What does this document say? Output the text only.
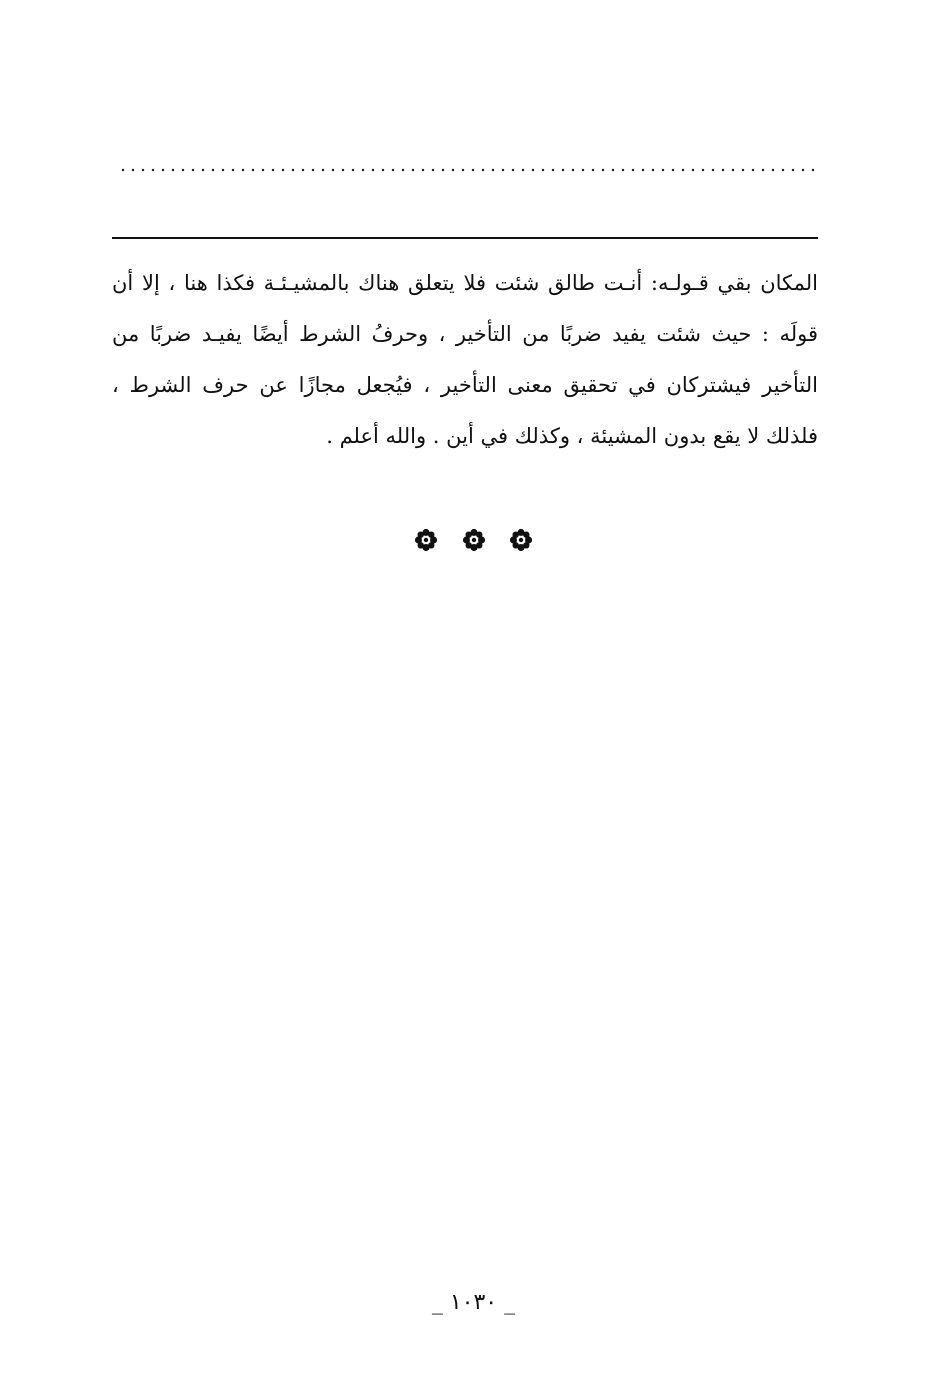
المكان بقي قـولـه: أنـت طالق شئت فلا يتعلق هناك بالمشيـئـة فكذا هنا ، إلا أن
قولَه : حيث شئت يفيد ضربًا من التأخير ، وحرفُ الشرط أيضًا يفيـد ضربًا من
التأخير فيشتركان في تحقيق معنى التأخير ، فيُجعل مجازًا عن حرف الشرط ،
فلذلك لا يقع بدون المشيئة ، وكذلك في أين . والله أعلم .

_ ١٠٣٠ _
